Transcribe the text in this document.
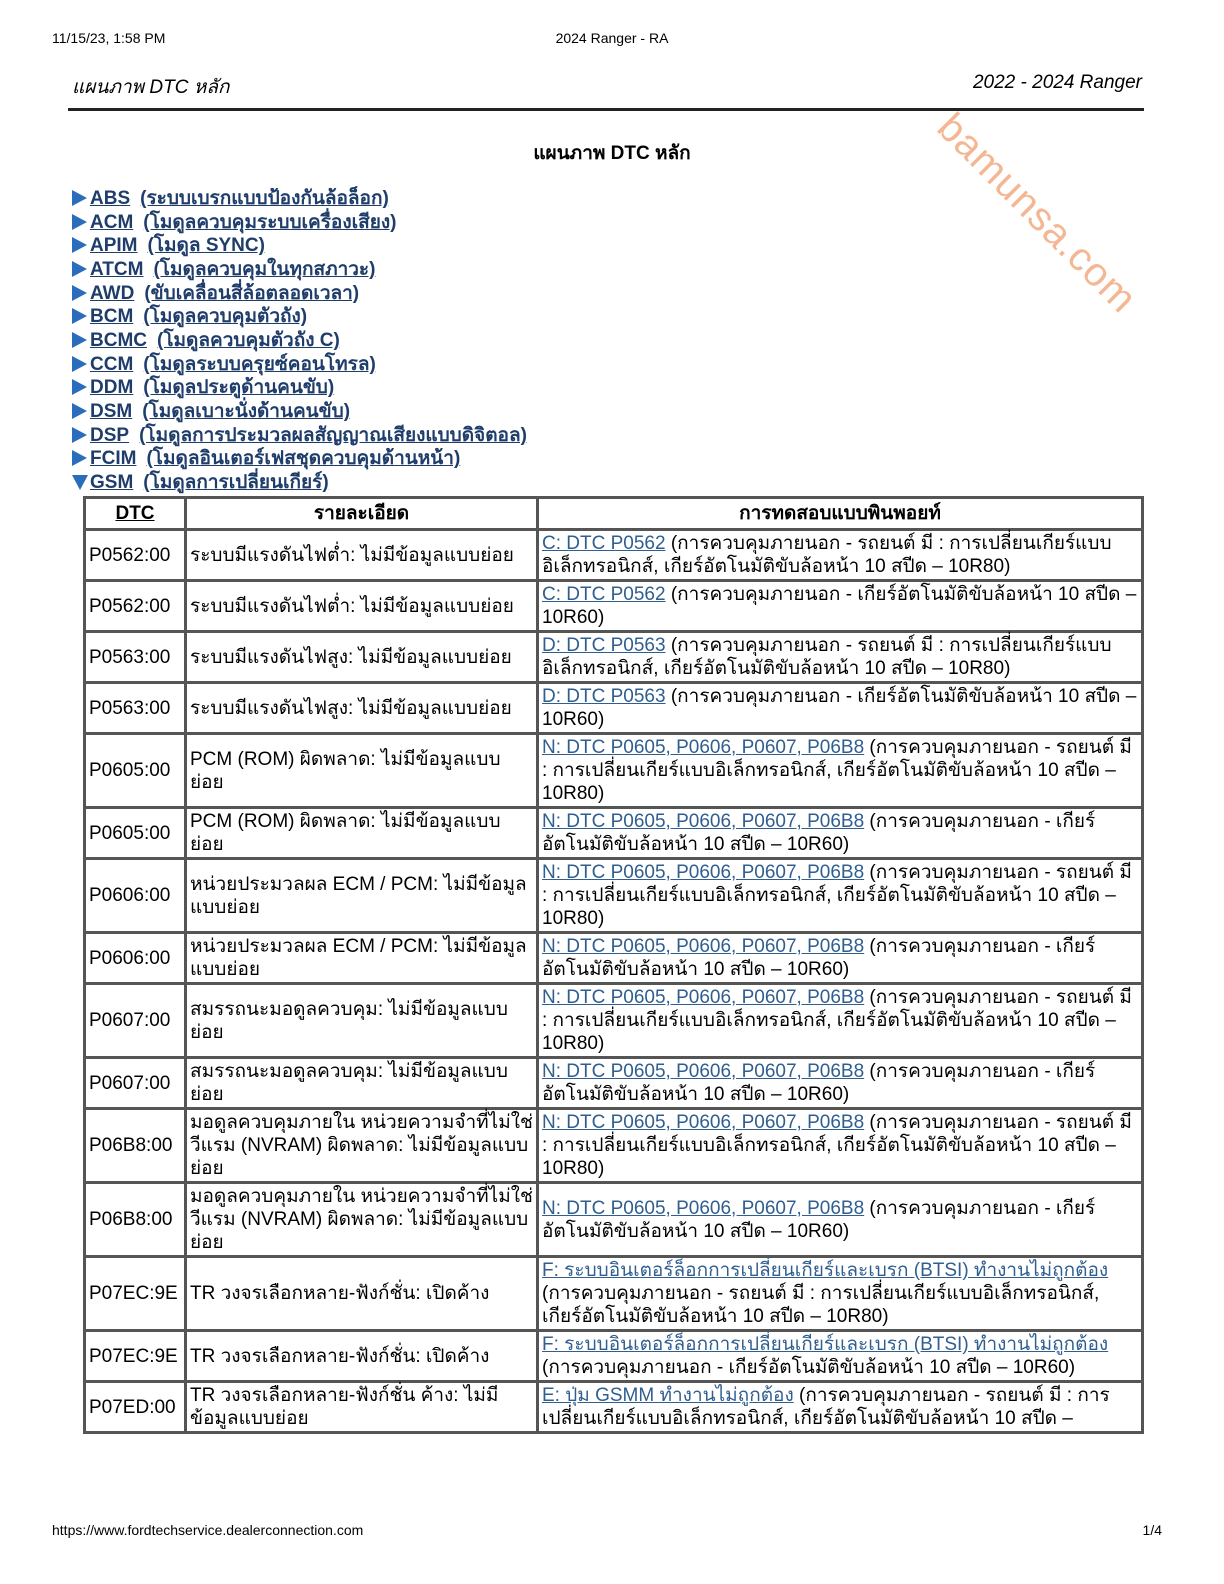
11/15/23, 1:58 PM	2024 Ranger - RA
แผนภาพ DTC หลัก	2022 - 2024 Ranger
bamunsa.com
แผนภาพ DTC หลัก
ABS (ระบบเบรกแบบป้องกันล้อล็อก)
ACM (โมดูลควบคุมระบบเครื่องเสียง)
APIM (โมดูล SYNC)
ATCM (โมดูลควบคุมในทุกสภาวะ)
AWD (ขับเคลื่อนสี่ล้อตลอดเวลา)
BCM (โมดูลควบคุมตัวถัง)
BCMC (โมดูลควบคุมตัวถัง C)
CCM (โมดูลระบบครุยซ์คอนโทรล)
DDM (โมดูลประตูด้านคนขับ)
DSM (โมดูลเบาะนั่งด้านคนขับ)
DSP (โมดูลการประมวลผลสัญญาณเสียงแบบดิจิตอล)
FCIM (โมดูลอินเตอร์เฟสชุดควบคุมด้านหน้า)
GSM (โมดูลการเปลี่ยนเกียร์)
DTC	รายละเอียด	การทดสอบแบบพินพอยท์
P0562:00	ระบบมีแรงดันไฟต่ำ: ไม่มีข้อมูลแบบย่อย	C: DTC P0562 (การควบคุมภายนอก - รถยนต์ มี : การเปลี่ยนเกียร์แบบอิเล็กทรอนิกส์, เกียร์อัตโนมัติขับล้อหน้า 10 สปีด – 10R80)
P0562:00	ระบบมีแรงดันไฟต่ำ: ไม่มีข้อมูลแบบย่อย	C: DTC P0562 (การควบคุมภายนอก - เกียร์อัตโนมัติขับล้อหน้า 10 สปีด – 10R60)
P0563:00	ระบบมีแรงดันไฟสูง: ไม่มีข้อมูลแบบย่อย	D: DTC P0563 (การควบคุมภายนอก - รถยนต์ มี : การเปลี่ยนเกียร์แบบอิเล็กทรอนิกส์, เกียร์อัตโนมัติขับล้อหน้า 10 สปีด – 10R80)
P0563:00	ระบบมีแรงดันไฟสูง: ไม่มีข้อมูลแบบย่อย	D: DTC P0563 (การควบคุมภายนอก - เกียร์อัตโนมัติขับล้อหน้า 10 สปีด – 10R60)
P0605:00	PCM (ROM) ผิดพลาด: ไม่มีข้อมูลแบบย่อย	N: DTC P0605, P0606, P0607, P06B8 (การควบคุมภายนอก - รถยนต์ มี : การเปลี่ยนเกียร์แบบอิเล็กทรอนิกส์, เกียร์อัตโนมัติขับล้อหน้า 10 สปีด – 10R80)
P0605:00	PCM (ROM) ผิดพลาด: ไม่มีข้อมูลแบบย่อย	N: DTC P0605, P0606, P0607, P06B8 (การควบคุมภายนอก - เกียร์อัตโนมัติขับล้อหน้า 10 สปีด – 10R60)
P0606:00	หน่วยประมวลผล ECM / PCM: ไม่มีข้อมูลแบบย่อย	N: DTC P0605, P0606, P0607, P06B8 (การควบคุมภายนอก - รถยนต์ มี : การเปลี่ยนเกียร์แบบอิเล็กทรอนิกส์, เกียร์อัตโนมัติขับล้อหน้า 10 สปีด – 10R80)
P0606:00	หน่วยประมวลผล ECM / PCM: ไม่มีข้อมูลแบบย่อย	N: DTC P0605, P0606, P0607, P06B8 (การควบคุมภายนอก - เกียร์อัตโนมัติขับล้อหน้า 10 สปีด – 10R60)
P0607:00	สมรรถนะมอดูลควบคุม: ไม่มีข้อมูลแบบย่อย	N: DTC P0605, P0606, P0607, P06B8 (การควบคุมภายนอก - รถยนต์ มี : การเปลี่ยนเกียร์แบบอิเล็กทรอนิกส์, เกียร์อัตโนมัติขับล้อหน้า 10 สปีด – 10R80)
P0607:00	สมรรถนะมอดูลควบคุม: ไม่มีข้อมูลแบบย่อย	N: DTC P0605, P0606, P0607, P06B8 (การควบคุมภายนอก - เกียร์อัตโนมัติขับล้อหน้า 10 สปีด – 10R60)
P06B8:00	มอดูลควบคุมภายใน หน่วยความจำที่ไม่ใช่วีแรม (NVRAM) ผิดพลาด: ไม่มีข้อมูลแบบย่อย	N: DTC P0605, P0606, P0607, P06B8 (การควบคุมภายนอก - รถยนต์ มี : การเปลี่ยนเกียร์แบบอิเล็กทรอนิกส์, เกียร์อัตโนมัติขับล้อหน้า 10 สปีด – 10R80)
P06B8:00	มอดูลควบคุมภายใน หน่วยความจำที่ไม่ใช่วีแรม (NVRAM) ผิดพลาด: ไม่มีข้อมูลแบบย่อย	N: DTC P0605, P0606, P0607, P06B8 (การควบคุมภายนอก - เกียร์อัตโนมัติขับล้อหน้า 10 สปีด – 10R60)
P07EC:9E	TR วงจรเลือกหลาย-ฟังก์ชั่น: เปิดค้าง	F: ระบบอินเตอร์ล็อกการเปลี่ยนเกียร์และเบรก (BTSI) ทำงานไม่ถูกต้อง (การควบคุมภายนอก - รถยนต์ มี : การเปลี่ยนเกียร์แบบอิเล็กทรอนิกส์, เกียร์อัตโนมัติขับล้อหน้า 10 สปีด – 10R80)
P07EC:9E	TR วงจรเลือกหลาย-ฟังก์ชั่น: เปิดค้าง	F: ระบบอินเตอร์ล็อกการเปลี่ยนเกียร์และเบรก (BTSI) ทำงานไม่ถูกต้อง (การควบคุมภายนอก - เกียร์อัตโนมัติขับล้อหน้า 10 สปีด – 10R60)
P07ED:00	TR วงจรเลือกหลาย-ฟังก์ชั่น ค้าง: ไม่มีข้อมูลแบบย่อย	E: ปุ่ม GSMM ทำงานไม่ถูกต้อง (การควบคุมภายนอก - รถยนต์ มี : การเปลี่ยนเกียร์แบบอิเล็กทรอนิกส์, เกียร์อัตโนมัติขับล้อหน้า 10 สปีด –
https://www.fordtechservice.dealerconnection.com	1/4
